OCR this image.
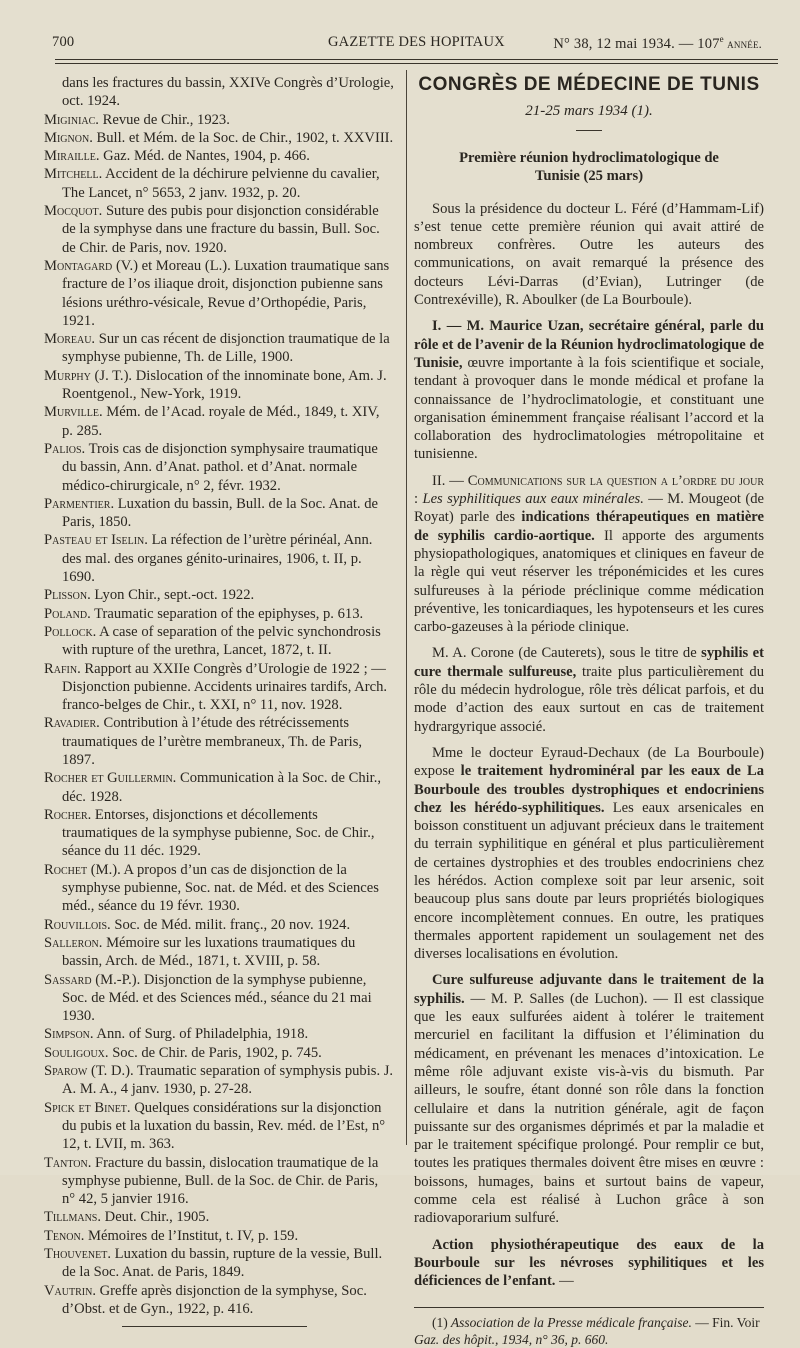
700	GAZETTE DES HOPITAUX	N° 38, 12 mai 1934. — 107e année.

dans les fractures du bassin, XXIVe Congrès d’Urologie, oct. 1924.

Miginiac. Revue de Chir., 1923.

Mignon. Bull. et Mém. de la Soc. de Chir., 1902, t. XXVIII.

Miraille. Gaz. Méd. de Nantes, 1904, p. 466.

Mitchell. Accident de la déchirure pelvienne du cavalier, The Lancet, n° 5653, 2 janv. 1932, p. 20.

Mocquot. Suture des pubis pour disjonction considérable de la symphyse dans une fracture du bassin, Bull. Soc. de Chir. de Paris, nov. 1920.

Montagard (V.) et Moreau (L.). Luxation traumatique sans fracture de l’os iliaque droit, disjonction pubienne sans lésions uréthro-vésicale, Revue d’Orthopédie, Paris, 1921.

Moreau. Sur un cas récent de disjonction traumatique de la symphyse pubienne, Th. de Lille, 1900.

Murphy (J. T.). Dislocation of the innominate bone, Am. J. Roentgenol., New-York, 1919.

Murville. Mém. de l’Acad. royale de Méd., 1849, t. XIV, p. 285.

Palios. Trois cas de disjonction symphysaire traumatique du bassin, Ann. d’Anat. pathol. et d’Anat. normale médico-chirurgicale, n° 2, févr. 1932.

Parmentier. Luxation du bassin, Bull. de la Soc. Anat. de Paris, 1850.

Pasteau et Iselin. La réfection de l’urètre périnéal, Ann. des mal. des organes génito-urinaires, 1906, t. II, p. 1690.

Plisson. Lyon Chir., sept.-oct. 1922.

Poland. Traumatic separation of the epiphyses, p. 613.

Pollock. A case of separation of the pelvic synchondrosis with rupture of the urethra, Lancet, 1872, t. II.

Rafin. Rapport au XXIIe Congrès d’Urologie de 1922 ; — Disjonction pubienne. Accidents urinaires tardifs, Arch. franco-belges de Chir., t. XXI, n° 11, nov. 1928.

Ravadier. Contribution à l’étude des rétrécissements traumatiques de l’urètre membraneux, Th. de Paris, 1897.

Rocher et Guillermin. Communication à la Soc. de Chir., déc. 1928.

Rocher. Entorses, disjonctions et décollements traumatiques de la symphyse pubienne, Soc. de Chir., séance du 11 déc. 1929.

Rochet (M.). A propos d’un cas de disjonction de la symphyse pubienne, Soc. nat. de Méd. et des Sciences méd., séance du 19 févr. 1930.

Rouvillois. Soc. de Méd. milit. franç., 20 nov. 1924.

Salleron. Mémoire sur les luxations traumatiques du bassin, Arch. de Méd., 1871, t. XVIII, p. 58.

Sassard (M.-P.). Disjonction de la symphyse pubienne, Soc. de Méd. et des Sciences méd., séance du 21 mai 1930.

Simpson. Ann. of Surg. of Philadelphia, 1918.

Souligoux. Soc. de Chir. de Paris, 1902, p. 745.

Sparow (T. D.). Traumatic separation of symphysis pubis. J. A. M. A., 4 janv. 1930, p. 27-28.

Spick et Binet. Quelques considérations sur la disjonction du pubis et la luxation du bassin, Rev. méd. de l’Est, n° 12, t. LVII, m. 363.

Tanton. Fracture du bassin, dislocation traumatique de la symphyse pubienne, Bull. de la Soc. de Chir. de Paris, n° 42, 5 janvier 1916.

Tillmans. Deut. Chir., 1905.

Tenon. Mémoires de l’Institut, t. IV, p. 159.

Thouvenet. Luxation du bassin, rupture de la vessie, Bull. de la Soc. Anat. de Paris, 1849.

Vautrin. Greffe après disjonction de la symphyse, Soc. d’Obst. et de Gyn., 1922, p. 416.

CONGRÈS DE MÉDECINE DE TUNIS

21-25 mars 1934 (1).

Première réunion hydroclimatologique de Tunisie (25 mars)

Sous la présidence du docteur L. Féré (d’Hammam-Lif) s’est tenue cette première réunion qui avait attiré de nombreux confrères. Outre les auteurs des communications, on avait remarqué la présence des docteurs Lévi-Darras (d’Evian), Lutringer (de Contrexéville), R. Aboulker (de La Bourboule).

I. — M. Maurice Uzan, secrétaire général, parle du rôle et de l’avenir de la Réunion hydroclimatologique de Tunisie, œuvre importante à la fois scientifique et sociale, tendant à provoquer dans le monde médical et profane la connaissance de l’hydroclimatologie, et constituant une organisation éminemment française réalisant l’accord et la collaboration des hydroclimatologies métropolitaine et tunisienne.

II. — Communications sur la question a l’ordre du jour : Les syphilitiques aux eaux minérales. — M. Mougeot (de Royat) parle des indications thérapeutiques en matière de syphilis cardio-aortique. Il apporte des arguments physiopathologiques, anatomiques et cliniques en faveur de la règle qui veut réserver les tréponémicides et les cures sulfureuses à la période préclinique comme médication préventive, les tonicardiaques, les hypotenseurs et les cures carbo-gazeuses à la période clinique.

M. A. Corone (de Cauterets), sous le titre de syphilis et cure thermale sulfureuse, traite plus particulièrement du rôle du médecin hydrologue, rôle très délicat parfois, et du mode d’action des eaux surtout en cas de traitement hydrargyrique associé.

Mme le docteur Eyraud-Dechaux (de La Bourboule) expose le traitement hydrominéral par les eaux de La Bourboule des troubles dystrophiques et endocriniens chez les hérédo-syphilitiques. Les eaux arsenicales en boisson constituent un adjuvant précieux dans le traitement du terrain syphilitique en général et plus particulièrement de certaines dystrophies et des troubles endocriniens chez les hérédos. Action complexe soit par leur arsenic, soit beaucoup plus sans doute par leurs propriétés biologiques encore incomplètement connues. En outre, les pratiques thermales apportent rapidement un soulagement net des diverses localisations en évolution.

Cure sulfureuse adjuvante dans le traitement de la syphilis. — M. P. Salles (de Luchon). — Il est classique que les eaux sulfurées aident à tolérer le traitement mercuriel en facilitant la diffusion et l’élimination du médicament, en prévenant les menaces d’intoxication. Le même rôle adjuvant existe vis-à-vis du bismuth. Par ailleurs, le soufre, étant donné son rôle dans la fonction cellulaire et dans la nutrition générale, agit de façon puissante sur des organismes déprimés et par la maladie et par le traitement spécifique prolongé. Pour remplir ce but, toutes les pratiques thermales doivent être mises en œuvre : boissons, humages, bains et surtout bains de vapeur, comme cela est réalisé à Luchon grâce à son radiovaporarium sulfuré.

Action physiothérapeutique des eaux de la Bourboule sur les névroses syphilitiques et les déficiences de l’enfant. —

(1) Association de la Presse médicale française. — Fin. Voir
Gaz. des hôpit., 1934, n° 36, p. 660.
